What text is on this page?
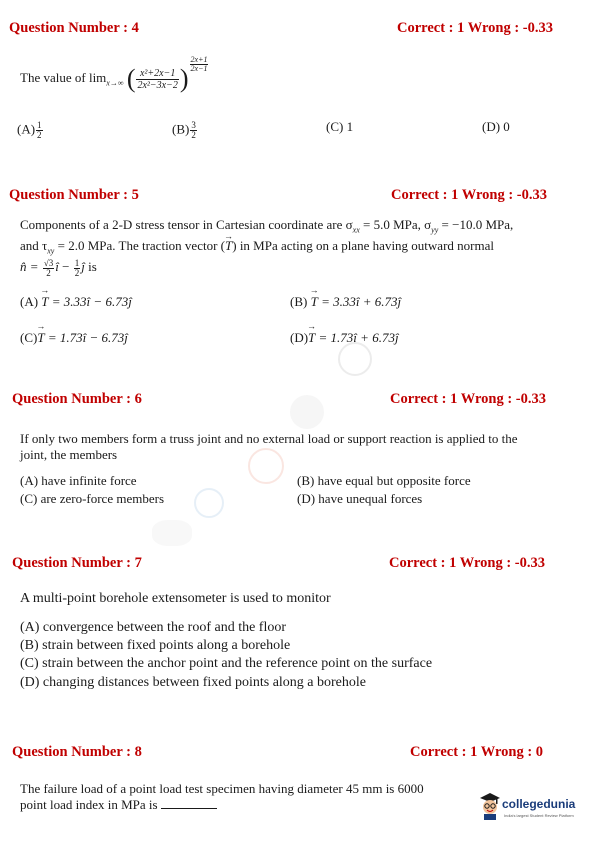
Question Number : 4	Correct : 1 Wrong : -0.33
The value of $\lim_{x\to\infty}$ ( $\frac{\text{x²+2x−1}}{\text{2x²−3x−2}}$ ) $\frac{2x+1}{2x-1}$
$(A) \frac{1}{2}$	$(B) \frac{3}{2}$	(C) 1	(D) 0
Question Number : 5	Correct : 1 Wrong : -0.33
Components of a 2-D stress tensor in Cartesian coordinate are $\sigma_{xx} = 5.0$ MPa, $\sigma_{yy} = -10.0$ MPa,
and $\tau_{xy} = 2.0$ MPa. The traction vector (→ T) in MPa acting on a plane having outward normal
n̂ = $\frac{√3}{2}$ î − $\frac{1}{2}$ ĵ is
(A) → T = 3.33î − 6.73ĵ	(B) → T = 3.33î + 6.73ĵ
(C)→ T = 1.73î − 6.73ĵ	(D)→ T = 1.73î + 6.73ĵ
Question Number : 6	Correct : 1 Wrong : -0.33
If only two members form a truss joint and no external load or support reaction is applied to the
joint, the members
(A) have infinite force	(B) have equal but opposite force
(C) are zero-force members	(D) have unequal forces
Question Number : 7	Correct : 1 Wrong : -0.33
A multi-point borehole extensometer is used to monitor
(A) convergence between the roof and the floor
(B) strain between fixed points along a borehole
(C) strain between the anchor point and the reference point on the surface
(D) changing distances between fixed points along a borehole
Question Number : 8	Correct : 1 Wrong : 0
The failure load of a point load test specimen having diameter 45 mm is 6000
point load index in MPa is	collegedunia
India's largest Student Review Platform
